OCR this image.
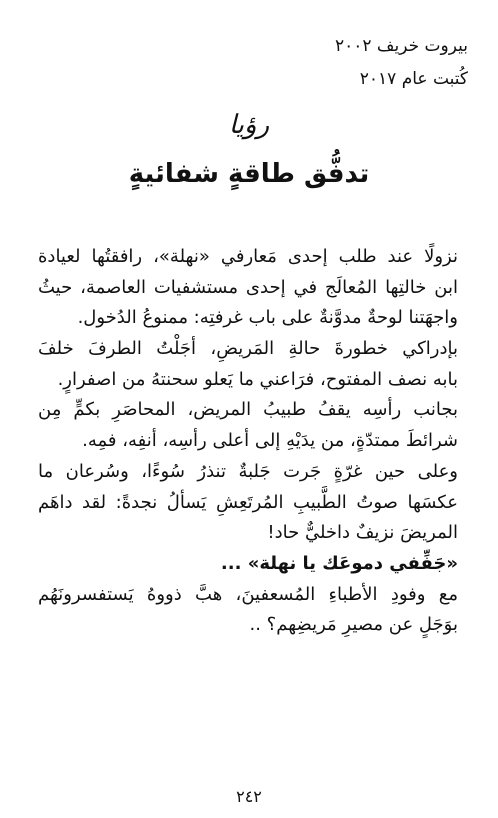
بيروت خريف ٢٠٠٢
كُتبت عام ٢٠١٧
رؤيا
تدفُّق طاقةٍ شفائيةٍ
نزولًا عند طلب إحدى مَعارفي «نهلة»، رافقتُها لعيادة
ابن خالتِها المُعالَج في إحدى مستشفيات العاصمة، حيثُ
واجهَتنا لوحةٌ مدوَّنةٌ على باب غرفتِه: ممنوعُ الدُخول.
بإدراكي خطورةَ حالةِ المَريضِ، أجَلْتُ الطرفَ خلفَ
بابه نصف المفتوح، فرَاعني ما يَعلو سحنتهُ من اصفرارٍ.
بجانب رأسِه يقفُ طبيبُ المريض، المحاصَرِ بكمٍّ مِن
شرائطَ ممتدّةٍ، من يدَيْهِ إلى أعلى رأسِه، أنفِه، فمِه.
وعلى حين غرّةٍ جَرت جَلبةٌ تنذرُ سُوءًا، وسُرعان ما
عكسَها صوتُ الطَّبيبِ المُرتَعِشِ يَسألُ نجدةً: لقد داهَم
المريضَ نزيفٌ داخليٌّ حاد!
«جَفِّفي دموعَك يا نهلة» ...
مع وفودِ الأطباءِ المُسعفينَ، هبَّ ذووهُ يَستفسرونَهُم
بوَجَلٍ عن مصيرِ مَريضِهم؟ ..
٢٤٢
